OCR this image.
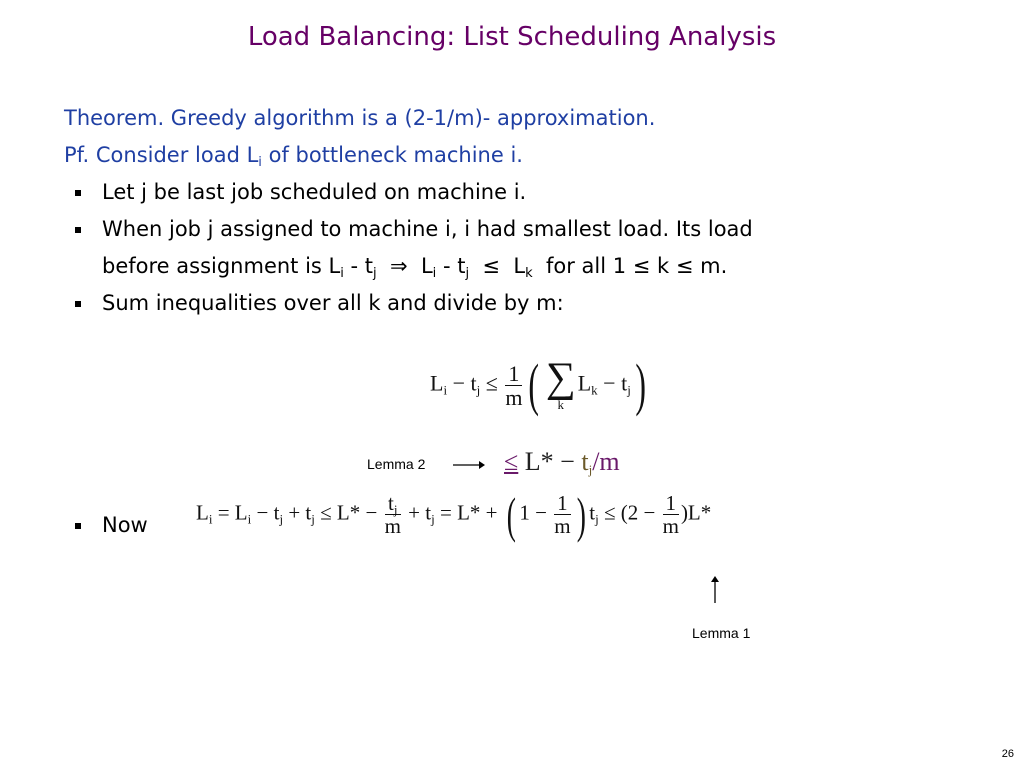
Load Balancing: List Scheduling Analysis
Theorem. Greedy algorithm is a (2-1/m)- approximation.
Pf. Consider load $L_i$ of bottleneck machine i.
Let j be last job scheduled on machine i.
When job j assigned to machine i, i had smallest load. Its load
before assignment is $L_i - t_j$  ⇒  $L_i - t_j \le L_k$  for all 1 ≤ k ≤ m.
Sum inequalities over all k and divide by m:
$L_i - t_j \le \frac{1}{m}$ ( ∑
k
$L_k - t_j$)
Lemma 2	≤ $L* - t_j/m$
Now
$L_i = L_i - t_j + t_j \le L* - \frac{t_j}{m} + t_j = L*$ + ( $1 - \frac{1}{m}$ ) $t_j \le (2 - \frac{1}{m} )L*$
Lemma 1
26
